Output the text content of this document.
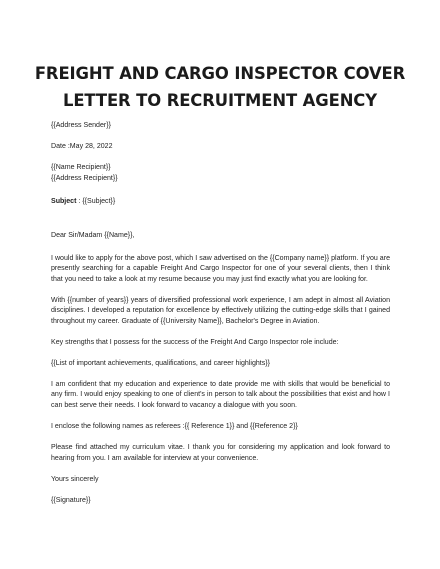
FREIGHT AND CARGO INSPECTOR COVER LETTER TO RECRUITMENT AGENCY

{{Address Sender}}

Date :May 28, 2022

{{Name Recipient}}

{{Address Recipient}}

Subject : {{Subject}}

Dear Sir/Madam {{Name}},

I would like to apply for the above post, which I saw advertised on the {{Company name}} platform. If you are presently searching for a capable Freight And Cargo Inspector for one of your several clients, then I think that you need to take a look at my resume because you may just find exactly what you are looking for.

With {{number of years}} years of diversified professional work experience, I am adept in almost all Aviation disciplines. I developed a reputation for excellence by effectively utilizing the cutting-edge skills that I gained throughout my career. Graduate of {{University Name}}, Bachelor's Degree in Aviation.

Key strengths that I possess for the success of the Freight And Cargo Inspector role include:

{{List of important achievements, qualifications, and career highlights}}

I am confident that my education and experience to date provide me with skills that would be beneficial to any firm. I would enjoy speaking to one of client's in person to talk about the possibilities that exist and how I can best serve their needs. I look forward to vacancy a dialogue with you soon.

I enclose the following names as referees :{{ Reference 1}} and {{Reference 2}}

Please find attached my curriculum vitae. I thank you for considering my application and look forward to hearing from you. I am available for interview at your convenience.

Yours sincerely

{{Signature}}
